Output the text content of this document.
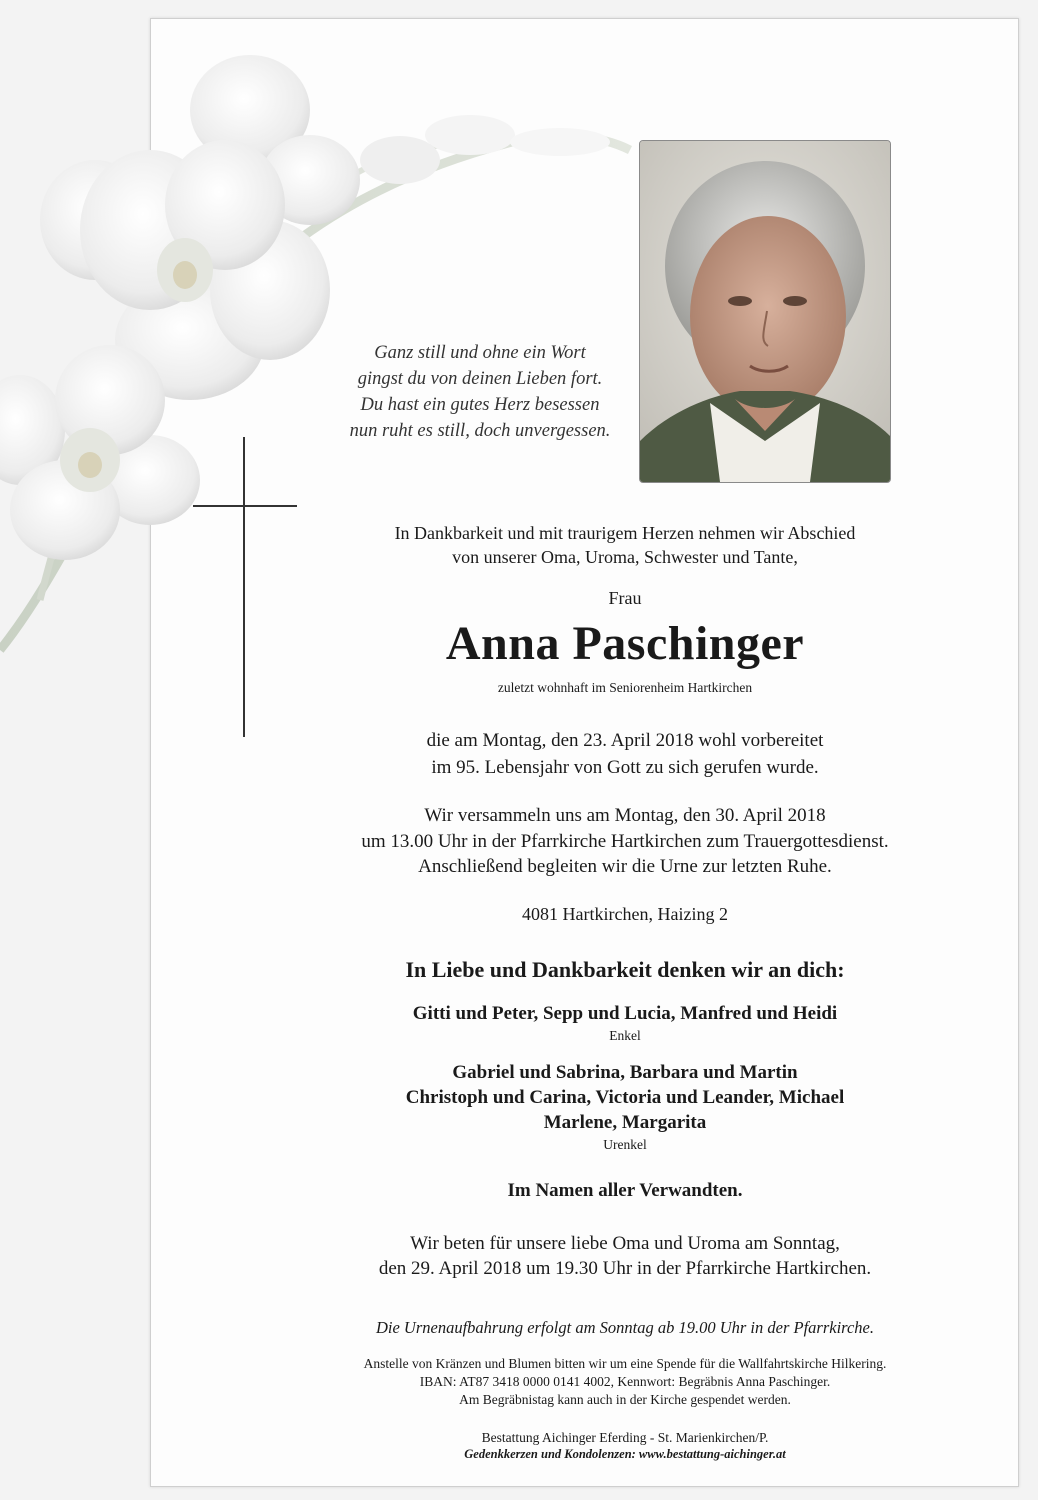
Ganz still und ohne ein Wort
gingst du von deinen Lieben fort.
Du hast ein gutes Herz besessen
nun ruht es still, doch unvergessen.
In Dankbarkeit und mit traurigem Herzen nehmen wir Abschied
von unserer Oma, Uroma, Schwester und Tante,
Frau
Anna Paschinger
zuletzt wohnhaft im Seniorenheim Hartkirchen
die am Montag, den 23. April 2018 wohl vorbereitet
im 95. Lebensjahr von Gott zu sich gerufen wurde.
Wir versammeln uns am Montag, den 30. April 2018
um 13.00 Uhr in der Pfarrkirche Hartkirchen zum Trauergottesdienst.
Anschließend begleiten wir die Urne zur letzten Ruhe.
4081 Hartkirchen, Haizing 2
In Liebe und Dankbarkeit denken wir an dich:
Gitti und Peter, Sepp und Lucia, Manfred und Heidi
Enkel
Gabriel und Sabrina, Barbara und Martin
Christoph und Carina, Victoria und Leander, Michael
Marlene, Margarita
Urenkel
Im Namen aller Verwandten.
Wir beten für unsere liebe Oma und Uroma am Sonntag,
den 29. April 2018 um 19.30 Uhr in der Pfarrkirche Hartkirchen.
Die Urnenaufbahrung erfolgt am Sonntag ab 19.00 Uhr in der Pfarrkirche.
Anstelle von Kränzen und Blumen bitten wir um eine Spende für die Wallfahrtskirche Hilkering.
IBAN: AT87 3418 0000 0141 4002, Kennwort: Begräbnis Anna Paschinger.
Am Begräbnistag kann auch in der Kirche gespendet werden.
Bestattung Aichinger Eferding - St. Marienkirchen/P.
Gedenkkerzen und Kondolenzen: www.bestattung-aichinger.at
